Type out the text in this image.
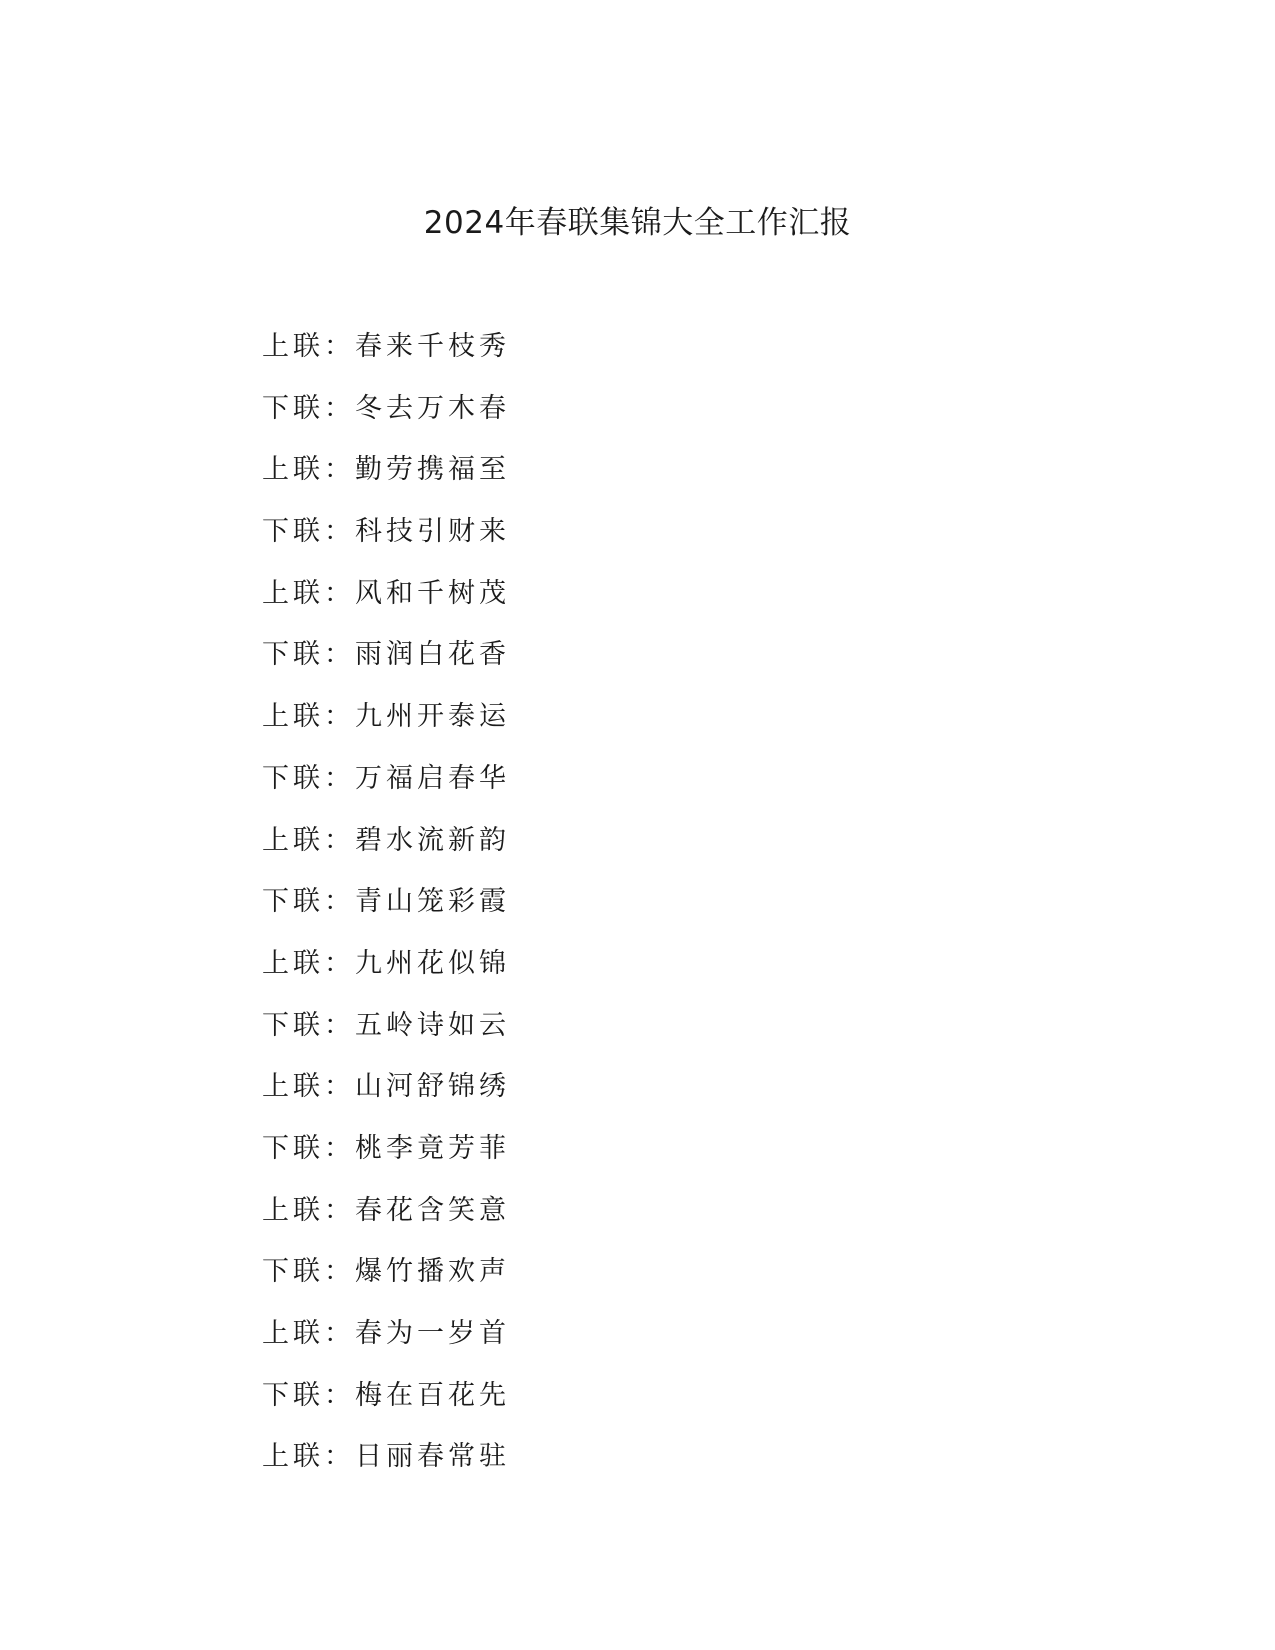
2024年春联集锦大全工作汇报
上联：春来千枝秀
下联：冬去万木春
上联：勤劳携福至
下联：科技引财来
上联：风和千树茂
下联：雨润白花香
上联：九州开泰运
下联：万福启春华
上联：碧水流新韵
下联：青山笼彩霞
上联：九州花似锦
下联：五岭诗如云
上联：山河舒锦绣
下联：桃李竟芳菲
上联：春花含笑意
下联：爆竹播欢声
上联：春为一岁首
下联：梅在百花先
上联：日丽春常驻
